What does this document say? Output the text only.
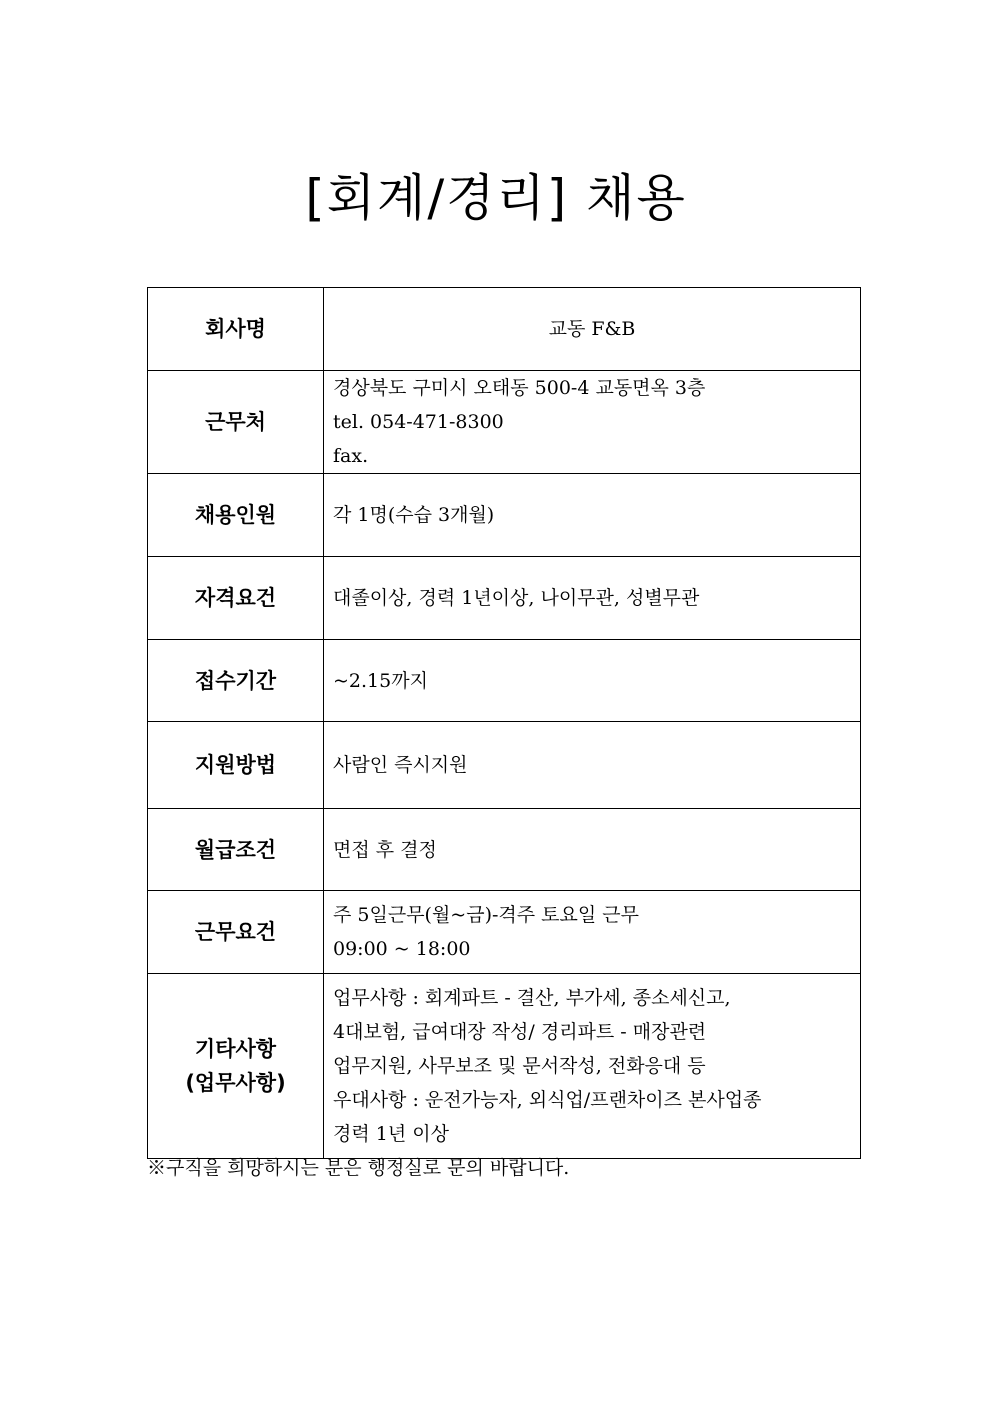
[회계/경리] 채용
회사명	교동 F&B

근무처	경상북도 구미시 오태동 500-4 교동면옥 3층
tel. 054-471-8300
fax.

채용인원	각 1명(수습 3개월)

자격요건	대졸이상, 경력 1년이상, 나이무관, 성별무관

접수기간	~2.15까지

지원방법	사람인 즉시지원

월급조건	면접 후 결정

근무요건	주 5일근무(월~금)-격주 토요일 근무
09:00 ~ 18:00

기타사항
(업무사항)	업무사항 : 회계파트 - 결산, 부가세, 종소세신고,
4대보험, 급여대장 작성/ 경리파트 - 매장관련
업무지원, 사무보조 및 문서작성, 전화응대 등
우대사항 : 운전가능자, 외식업/프랜차이즈 본사업종
경력 1년 이상

※구직을 희망하시는 분은 행정실로 문의 바랍니다.
